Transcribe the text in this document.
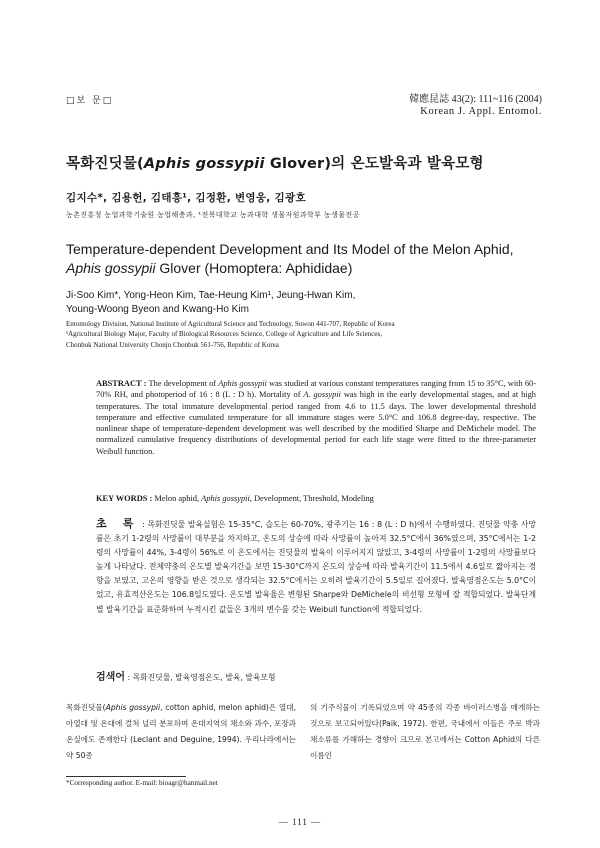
□보 문□	韓應昆誌 43(2): 111~116 (2004)
Korean J. Appl. Entomol.
목화진딧물(Aphis gossypii Glover)의 온도발육과 발육모형
김지수*, 김용헌, 김태흥¹, 김정환, 변영웅, 김광호
농촌진흥청 농업과학기술원 농업해충과, ¹전북대학교 농과대학 생물자원과학부 농생물전공
Temperature-dependent Development and Its Model of the Melon Aphid,
Aphis gossypii Glover (Homoptera: Aphididae)
Ji-Soo Kim*, Yong-Heon Kim, Tae-Heung Kim¹, Jeung-Hwan Kim,
Young-Woong Byeon and Kwang-Ho Kim
Entomology Division, National Institute of Agricultural Science and Technology, Suwon 441-707, Republic of Korea
¹Agricultural Biology Major, Faculty of Biological Resources Science, College of Agriculture and Life Sciences,
Chonbuk National University Chonju Chonbuk 561-756, Republic of Korea
ABSTRACT : The development of Aphis gossypii was studied at various constant temperatures ranging from 15 to 35°C, with 60-70% RH, and photoperiod of 16 : 8 (L : D h). Mortality of A. gossypii was high in the early developmental stages, and at high temperatures. The total immature developmental period ranged from 4.6 to 11.5 days. The lower developmental threshold temperature and effective cumulated temperature for all immature stages were 5.0°C and 106.8 degree-day, respective. The nonlinear shape of temperature-dependent development was well described by the modified Sharpe and DeMichele model. The normalized cumulative frequency distributions of developmental period for each life stage were fitted to the three-parameter Weibull function.
KEY WORDS : Melon aphid, Aphis gossypii, Development, Threshold, Modeling
초 록 : 목화진딧물 발육실험은 15-35°C, 습도는 60-70%, 광주기는 16 : 8 (L : D h)에서 수행하였다. 진딧물 약충 사망률은 초기 1-2령의 사망률이 대부분을 차지하고, 온도의 상승에 따라 사망률이 높아져 32.5°C에서 36%였으며, 35°C에서는 1-2령의 사망률이 44%, 3-4령이 56%로 이 온도에서는 진딧물의 발육이 이루어지지 않았고, 3-4령의 사망률이 1-2령의 사망률보다 높게 나타났다. 전체약충의 온도별 발육기간을 보면 15-30°C까지 온도의 상승에 따라 발육기간이 11.5에서 4.6일로 짧아지는 경향을 보였고, 고온의 영향을 받은 것으로 생각되는 32.5°C에서는 오히려 발육기간이 5.5일로 길어졌다. 발육영점온도는 5.0°C이었고, 유효적산온도는 106.8일도였다. 온도별 발육율은 변형된 Sharpe와 DeMichele의 비선형 모형에 잘 적합되었다. 발육단계별 발육기간을 표준화하여 누적시킨 값들은 3개의 변수를 갖는 Weibull function에 적합되었다.
검색어 : 목화진딧물, 발육영점온도, 발육, 발육모형
목화진딧물(Aphis gossypii, cotton aphid, melon aphid)은 열대, 아열대 및 온대에 걸쳐 널리 분포하며 온대지역의 채소와 과수, 포장과 온실에도 존재한다 (Leclant and Deguine, 1994). 우리나라에서는 약 50종
의 기주식물이 기록되었으며 약 45종의 각종 바이러스병을 매개하는 것으로 보고되어있다(Paik, 1972). 한편, 국내에서 이들은 주로 박과채소류를 가해하는 경향이 크므로 본고에서는 Cotton Aphid의 다른 이름인
*Corresponding author. E-mail: bioagr@hanmail.net
— 111 —
